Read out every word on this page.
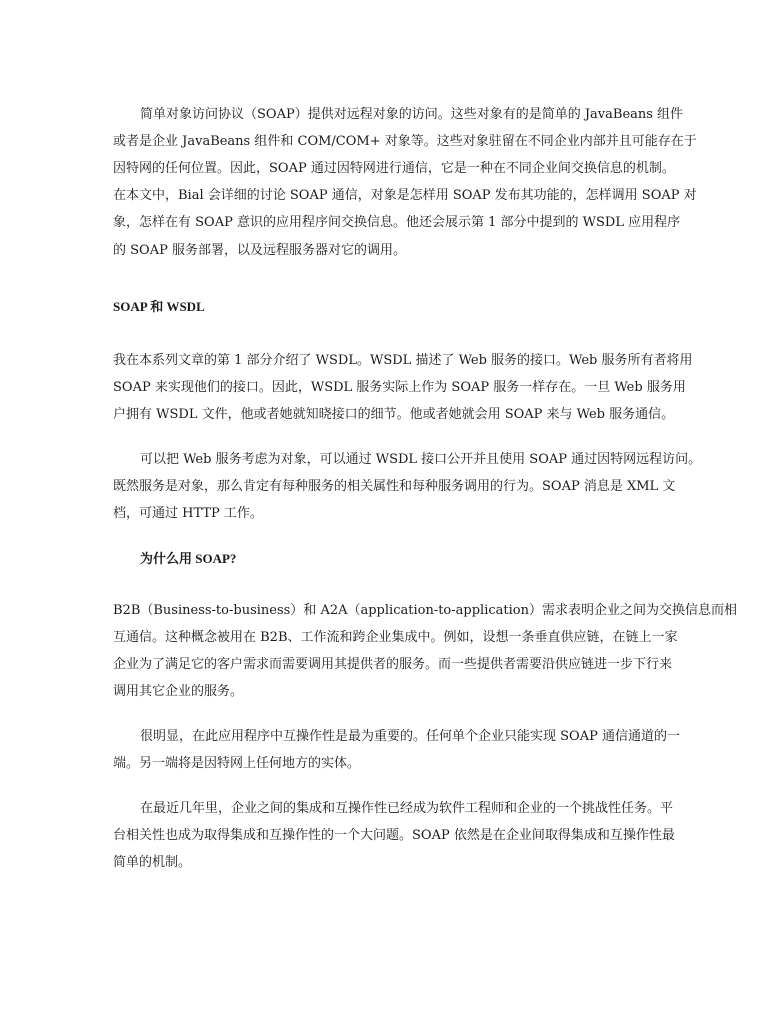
简单对象访问协议（SOAP）提供对远程对象的访问。这些对象有的是简单的 JavaBeans 组件
或者是企业 JavaBeans 组件和 COM/COM+ 对象等。这些对象驻留在不同企业内部并且可能存在于
因特网的任何位置。因此，SOAP 通过因特网进行通信，它是一种在不同企业间交换信息的机制。
在本文中，Bial 会详细的讨论 SOAP 通信，对象是怎样用 SOAP 发布其功能的，怎样调用 SOAP 对
象，怎样在有 SOAP 意识的应用程序间交换信息。他还会展示第 1 部分中提到的 WSDL 应用程序
的 SOAP 服务部署，以及远程服务器对它的调用。
SOAP 和 WSDL
我在本系列文章的第 1 部分介绍了 WSDL。WSDL 描述了 Web 服务的接口。Web 服务所有者将用
SOAP 来实现他们的接口。因此，WSDL 服务实际上作为 SOAP 服务一样存在。一旦 Web 服务用
户拥有 WSDL 文件，他或者她就知晓接口的细节。他或者她就会用 SOAP 来与 Web 服务通信。
可以把 Web 服务考虑为对象，可以通过 WSDL 接口公开并且使用 SOAP 通过因特网远程访问。
既然服务是对象，那么肯定有每种服务的相关属性和每种服务调用的行为。SOAP 消息是 XML 文
档，可通过 HTTP 工作。
为什么用 SOAP?
B2B（Business-to-business）和 A2A（application-to-application）需求表明企业之间为交换信息而相
互通信。这种概念被用在 B2B、工作流和跨企业集成中。例如，设想一条垂直供应链，在链上一家
企业为了满足它的客户需求而需要调用其提供者的服务。而一些提供者需要沿供应链进一步下行来
调用其它企业的服务。
很明显，在此应用程序中互操作性是最为重要的。任何单个企业只能实现 SOAP 通信通道的一
端。另一端将是因特网上任何地方的实体。
在最近几年里，企业之间的集成和互操作性已经成为软件工程师和企业的一个挑战性任务。平
台相关性也成为取得集成和互操作性的一个大问题。SOAP 依然是在企业间取得集成和互操作性最
简单的机制。
